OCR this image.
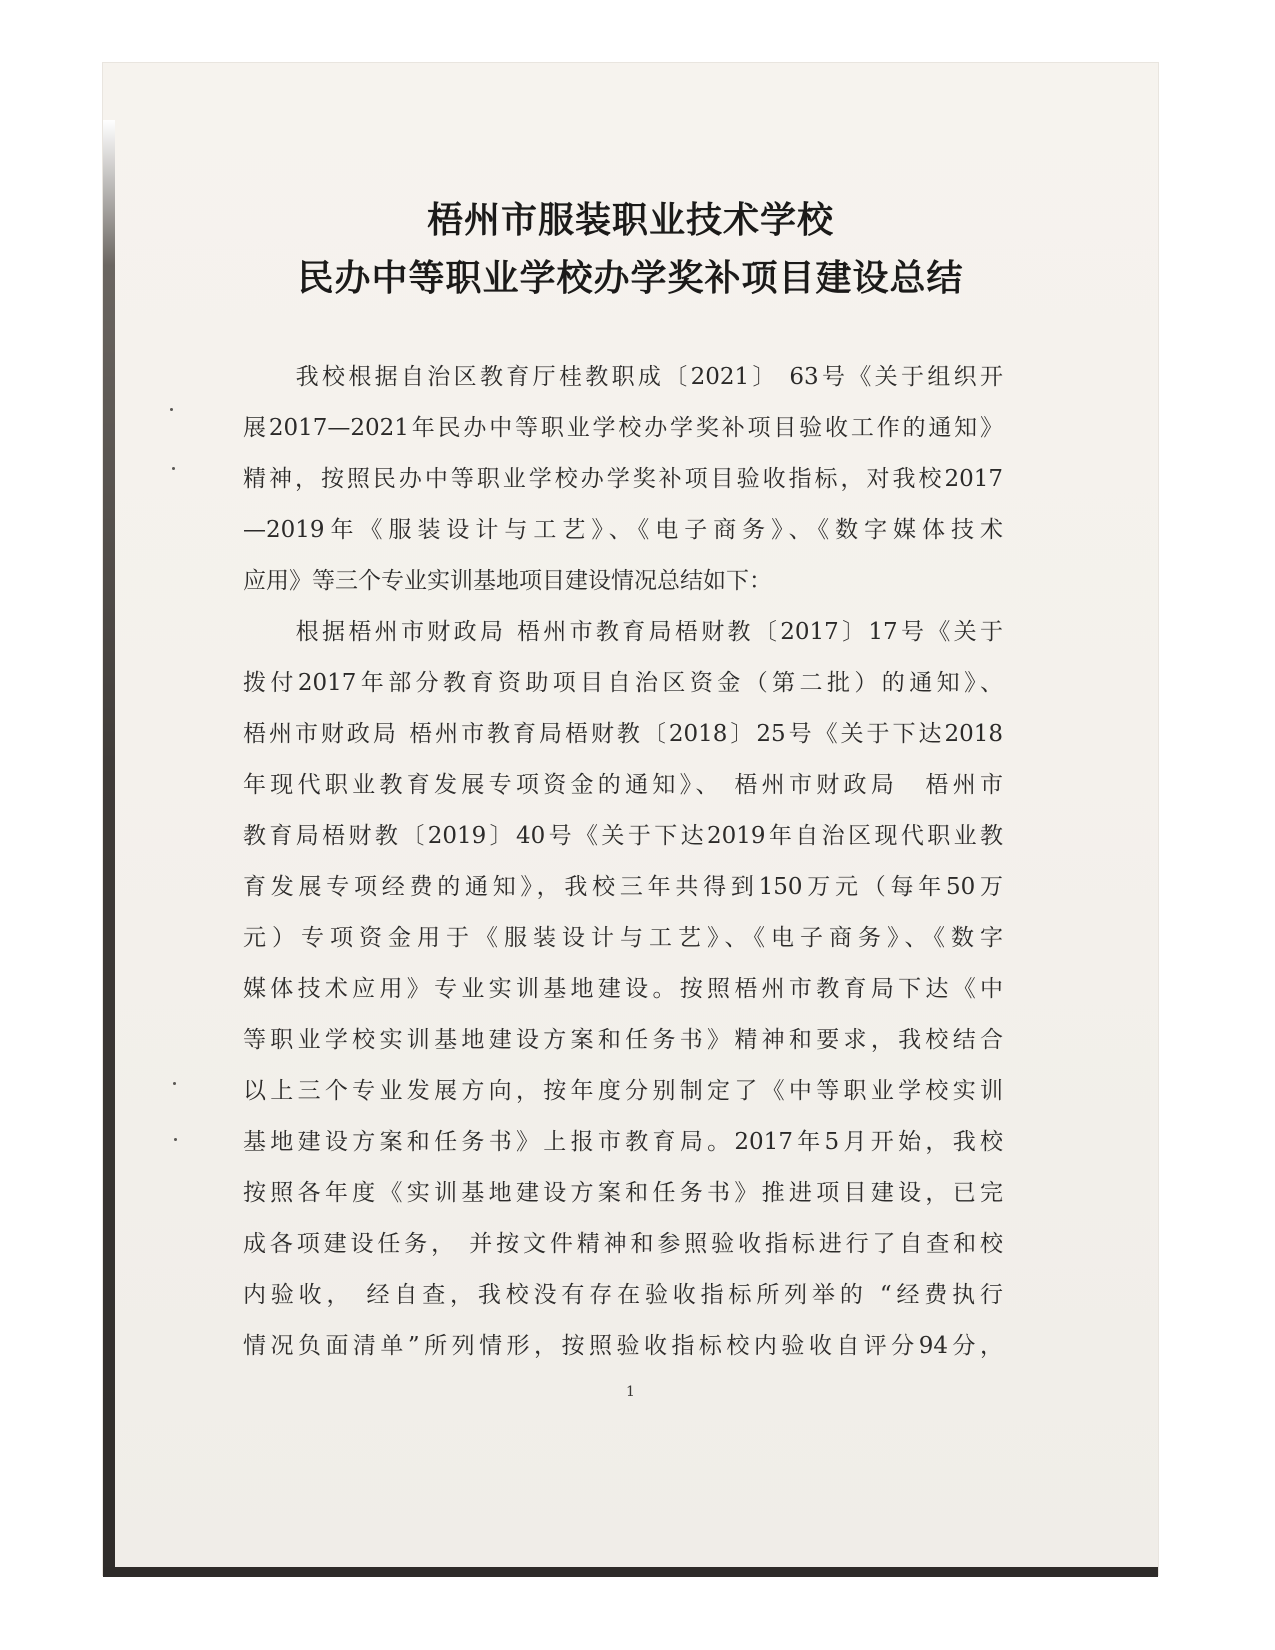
梧州市服装职业技术学校
民办中等职业学校办学奖补项目建设总结
　　我校根据自治区教育厅桂教职成〔2021〕 63号《关于组织开
展2017—2021年民办中等职业学校办学奖补项目验收工作的通知》
精神，按照民办中等职业学校办学奖补项目验收指标，对我校2017
—2019年《服装设计与工艺》、《电子商务》、《数字媒体技术
应用》等三个专业实训基地项目建设情况总结如下：
　　根据梧州市财政局 梧州市教育局梧财教〔2017〕17号《关于
拨付2017年部分教育资助项目自治区资金（第二批）的通知》、
梧州市财政局 梧州市教育局梧财教〔2018〕25号《关于下达2018
年现代职业教育发展专项资金的通知》、 梧州市财政局　梧州市
教育局梧财教〔2019〕40号《关于下达2019年自治区现代职业教
育发展专项经费的通知》，我校三年共得到150万元（每年50万
元）专项资金用于《服装设计与工艺》、《电子商务》、《数字
媒体技术应用》专业实训基地建设。按照梧州市教育局下达《中
等职业学校实训基地建设方案和任务书》精神和要求，我校结合
以上三个专业发展方向，按年度分别制定了《中等职业学校实训
基地建设方案和任务书》上报市教育局。2017年5月开始，我校
按照各年度《实训基地建设方案和任务书》推进项目建设，已完
成各项建设任务， 并按文件精神和参照验收指标进行了自查和校
内验收， 经自查，我校没有存在验收指标所列举的 “经费执行
情况负面清单”所列情形，按照验收指标校内验收自评分94分，
1
